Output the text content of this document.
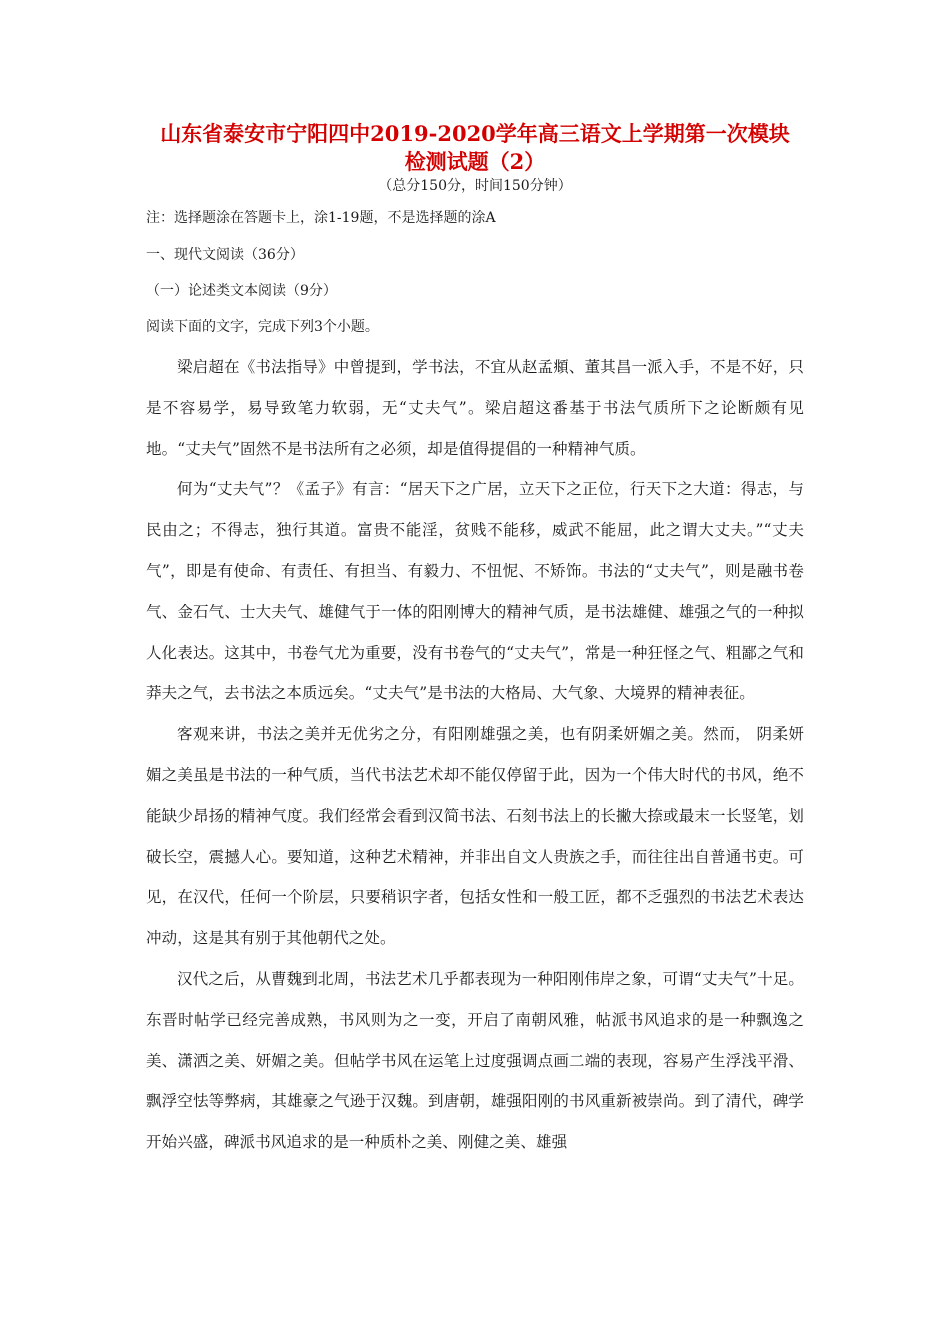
山东省泰安市宁阳四中2019-2020学年高三语文上学期第一次模块
检测试题（2）
（总分150分，时间150分钟）

注：选择题涂在答题卡上，涂1-19题，不是选择题的涂A

一、现代文阅读（36分）

（一）论述类文本阅读（9分）

阅读下面的文字，完成下列3个小题。

梁启超在《书法指导》中曾提到，学书法，不宜从赵孟頫、董其昌一派入手，不是不好，只是不容易学，易导致笔力软弱，无“丈夫气”。梁启超这番基于书法气质所下之论断颇有见地。“丈夫气”固然不是书法所有之必须，却是值得提倡的一种精神气质。

何为“丈夫气”？《孟子》有言：“居天下之广居，立天下之正位，行天下之大道：得志，与民由之；不得志，独行其道。富贵不能淫，贫贱不能移，威武不能屈，此之谓大丈夫。”“丈夫气”，即是有使命、有责任、有担当、有毅力、不忸怩、不矫饰。书法的“丈夫气”，则是融书卷气、金石气、士大夫气、雄健气于一体的阳刚博大的精神气质，是书法雄健、雄强之气的一种拟人化表达。这其中，书卷气尤为重要，没有书卷气的“丈夫气”，常是一种狂怪之气、粗鄙之气和莽夫之气，去书法之本质远矣。“丈夫气”是书法的大格局、大气象、大境界的精神表征。

客观来讲，书法之美并无优劣之分，有阳刚雄强之美，也有阴柔妍媚之美。然而， 阴柔妍媚之美虽是书法的一种气质，当代书法艺术却不能仅停留于此，因为一个伟大时代的书风，绝不能缺少昂扬的精神气度。我们经常会看到汉简书法、石刻书法上的长撇大捺或最末一长竖笔，划破长空，震撼人心。要知道，这种艺术精神，并非出自文人贵族之手，而往往出自普通书吏。可见，在汉代，任何一个阶层，只要稍识字者，包括女性和一般工匠，都不乏强烈的书法艺术表达冲动，这是其有别于其他朝代之处。

汉代之后，从曹魏到北周，书法艺术几乎都表现为一种阳刚伟岸之象，可谓“丈夫气”十足。东晋时帖学已经完善成熟，书风则为之一变，开启了南朝风雅，帖派书风追求的是一种飘逸之美、潇洒之美、妍媚之美。但帖学书风在运笔上过度强调点画二端的表现，容易产生浮浅平滑、飘浮空怯等弊病，其雄豪之气逊于汉魏。到唐朝，雄强阳刚的书风重新被崇尚。到了清代，碑学开始兴盛，碑派书风追求的是一种质朴之美、刚健之美、雄强
